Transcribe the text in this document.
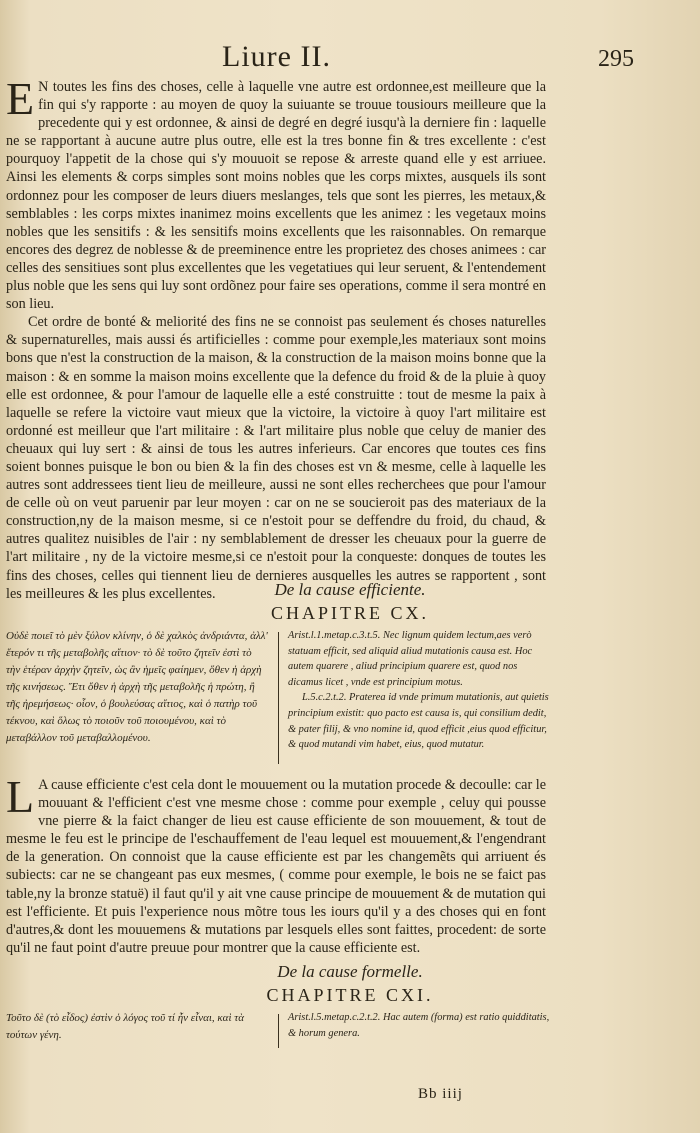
Liure II.	295

E N toutes les fins des choses, celle à laquelle vne autre est ordonnee,est meilleure que la fin qui s'y rapporte : au moyen de quoy la suiuante se trouue tousiours meilleure que la precedente qui y est ordonnee, & ainsi de degré en degré iusqu'à la derniere fin : laquelle ne se rapportant à aucune autre plus outre, elle est la tres bonne fin & tres excellente : c'est pourquoy l'appetit de la chose qui s'y mouuoit se repose & arreste quand elle y est arriuee. Ainsi les elements & corps simples sont moins nobles que les corps mixtes, ausquels ils sont ordonnez pour les composer de leurs diuers meslanges, tels que sont les pierres, les metaux,& semblables : les corps mixtes inanimez moins excellents que les animez : les vegetaux moins nobles que les sensitifs : & les sensitifs moins excellents que les raisonnables. On remarque encores des degrez de noblesse & de preeminence entre les proprietez des choses animees : car celles des sensitiues sont plus excellentes que les vegetatiues qui leur seruent, & l'entendement plus noble que les sens qui luy sont ordõnez pour faire ses operations, comme il sera montré en son lieu.

Cet ordre de bonté & meliorité des fins ne se connoist pas seulement és choses naturelles & supernaturelles, mais aussi és artificielles : comme pour exemple,les materiaux sont moins bons que n'est la construction de la maison, & la construction de la maison moins bonne que la maison : & en somme la maison moins excellente que la defence du froid & de la pluie à quoy elle est ordonnee, & pour l'amour de laquelle elle a esté construitte : tout de mesme la paix à laquelle se refere la victoire vaut mieux que la victoire, la victoire à quoy l'art militaire est ordonné est meilleur que l'art militaire : & l'art militaire plus noble que celuy de manier des cheuaux qui luy sert : & ainsi de tous les autres inferieurs. Car encores que toutes ces fins soient bonnes puisque le bon ou bien & la fin des choses est vn & mesme, celle à laquelle les autres sont addressees tient lieu de meilleure, aussi ne sont elles recherchees que pour l'amour de celle où on veut paruenir par leur moyen : car on ne se soucieroit pas des materiaux de la construction,ny de la maison mesme, si ce n'estoit pour se deffendre du froid, du chaud, & autres qualitez nuisibles de l'air : ny semblablement de dresser les cheuaux pour la guerre de l'art militaire , ny de la victoire mesme,si ce n'estoit pour la conqueste: donques de toutes les fins des choses, celles qui tiennent lieu de dernieres ausquelles les autres se rapportent , sont les meilleures & les plus excellentes.	De la cause efficiente.
CHAPITRE CX.
Οὐδὲ ποιεῖ τὸ μὲν ξύλον κλίνην, ὁ δὲ χαλκὸς ἀνδριάντα, ἀλλ' ἕτερόν τι τῆς μεταβολῆς αἴτιον· τὸ δὲ τοῦτο ζητεῖν ἐστὶ τὸ τὴν ἑτέραν ἀρχὴν ζητεῖν, ὡς ἂν ἡμεῖς φαίημεν, ὅθεν ἡ ἀρχὴ τῆς κινήσεως. Ἔτι ὅθεν ἡ ἀρχὴ τῆς μεταβολῆς ἡ πρώτη, ἢ τῆς ἠρεμήσεως· οἷον, ὁ βουλεύσας αἴτιος, καὶ ὁ πατὴρ τοῦ τέκνου, καὶ ὅλως τὸ ποιοῦν τοῦ ποιουμένου, καὶ τὸ μεταβάλλον τοῦ μεταβαλλομένου.

Arist.l.1.metap.c.3.t.5. Nec lignum quidem lectum,aes verò statuam efficit, sed aliquid aliud mutationis causa est. Hoc autem quarere , aliud principium quarere est, quod nos dicamus licet , vnde est principium motus.

L.5.c.2.t.2. Praterea id vnde primum mutationis, aut quietis principium existit: quo pacto est causa is, qui consilium dedit, & pater filij, & vno nomine id, quod efficit ,eius quod efficitur, & quod mutandi vim habet, eius, quod mutatur.

L A cause efficiente c'est cela dont le mouuement ou la mutation procede & decoulle: car le mouuant & l'efficient c'est vne mesme chose : comme pour exemple , celuy qui pousse vne pierre & la faict changer de lieu est cause efficiente de son mouuement, & tout de mesme le feu est le principe de l'eschauffement de l'eau lequel est mouuement,& l'engendrant de la generation. On connoist que la cause efficiente est par les changemẽts qui arriuent és subiects: car ne se changeant pas eux mesmes, ( comme pour exemple, le bois ne se faict pas table,ny la bronze statuë) il faut qu'il y ait vne cause principe de mouuement & de mutation qui est l'efficiente. Et puis l'experience nous mõtre tous les iours qu'il y a des choses qui en font d'autres,& dont les mouuemens & mutations par lesquels elles sont faittes, procedent: de sorte qu'il ne faut point d'autre preuue pour montrer que la cause efficiente est.

De la cause formelle.
CHAPITRE CXI.
Τοῦτο δὲ (τὸ εἶδος) ἐστὶν ὁ λόγος τοῦ τί ἦν εἶναι, καὶ τὰ τούτων γένη.
Arist.l.5.metap.c.2.t.2. Hac autem (forma) est ratio quidditatis, & horum genera.
Bb iiij
